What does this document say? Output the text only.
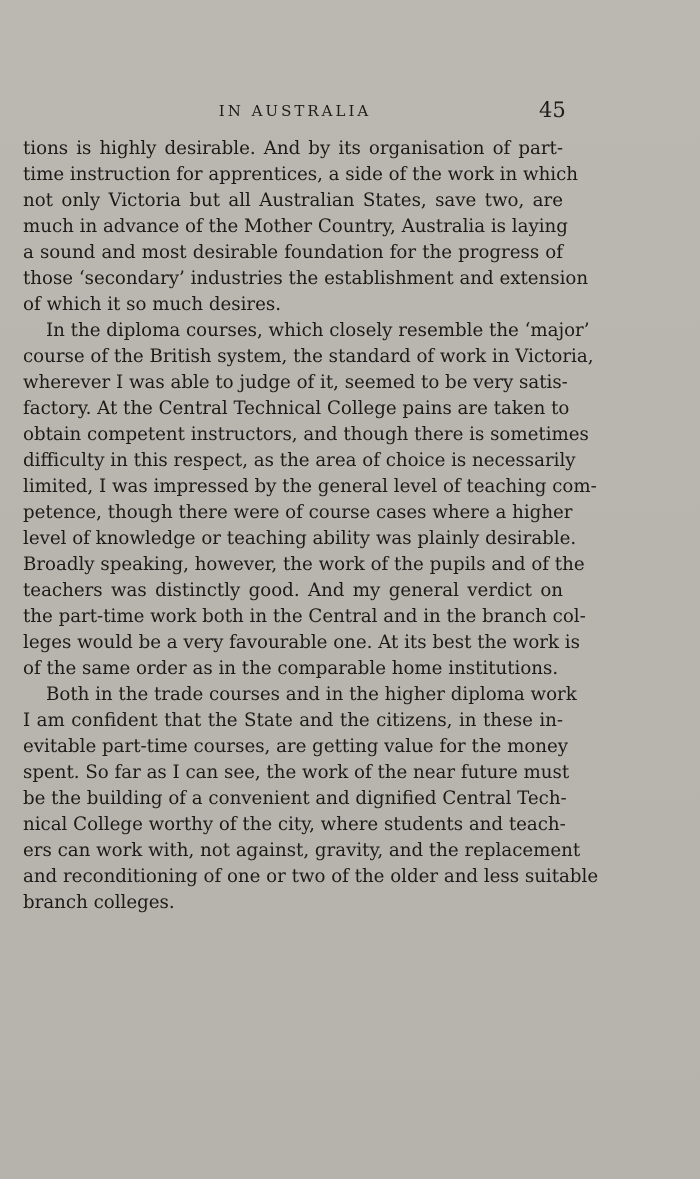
IN AUSTRALIA	45
tions is highly desirable. And by its organisation of part-
time instruction for apprentices, a side of the work in which
not only Victoria but all Australian States, save two, are
much in advance of the Mother Country, Australia is laying
a sound and most desirable foundation for the progress of
those ‘secondary’ industries the establishment and extension
of which it so much desires.
In the diploma courses, which closely resemble the ‘major’
course of the British system, the standard of work in Victoria,
wherever I was able to judge of it, seemed to be very satis-
factory. At the Central Technical College pains are taken to
obtain competent instructors, and though there is sometimes
difficulty in this respect, as the area of choice is necessarily
limited, I was impressed by the general level of teaching com-
petence, though there were of course cases where a higher
level of knowledge or teaching ability was plainly desirable.
Broadly speaking, however, the work of the pupils and of the
teachers was distinctly good. And my general verdict on
the part-time work both in the Central and in the branch col-
leges would be a very favourable one. At its best the work is
of the same order as in the comparable home institutions.
Both in the trade courses and in the higher diploma work
I am confident that the State and the citizens, in these in-
evitable part-time courses, are getting value for the money
spent. So far as I can see, the work of the near future must
be the building of a convenient and dignified Central Tech-
nical College worthy of the city, where students and teach-
ers can work with, not against, gravity, and the replacement
and reconditioning of one or two of the older and less suitable
branch colleges.
